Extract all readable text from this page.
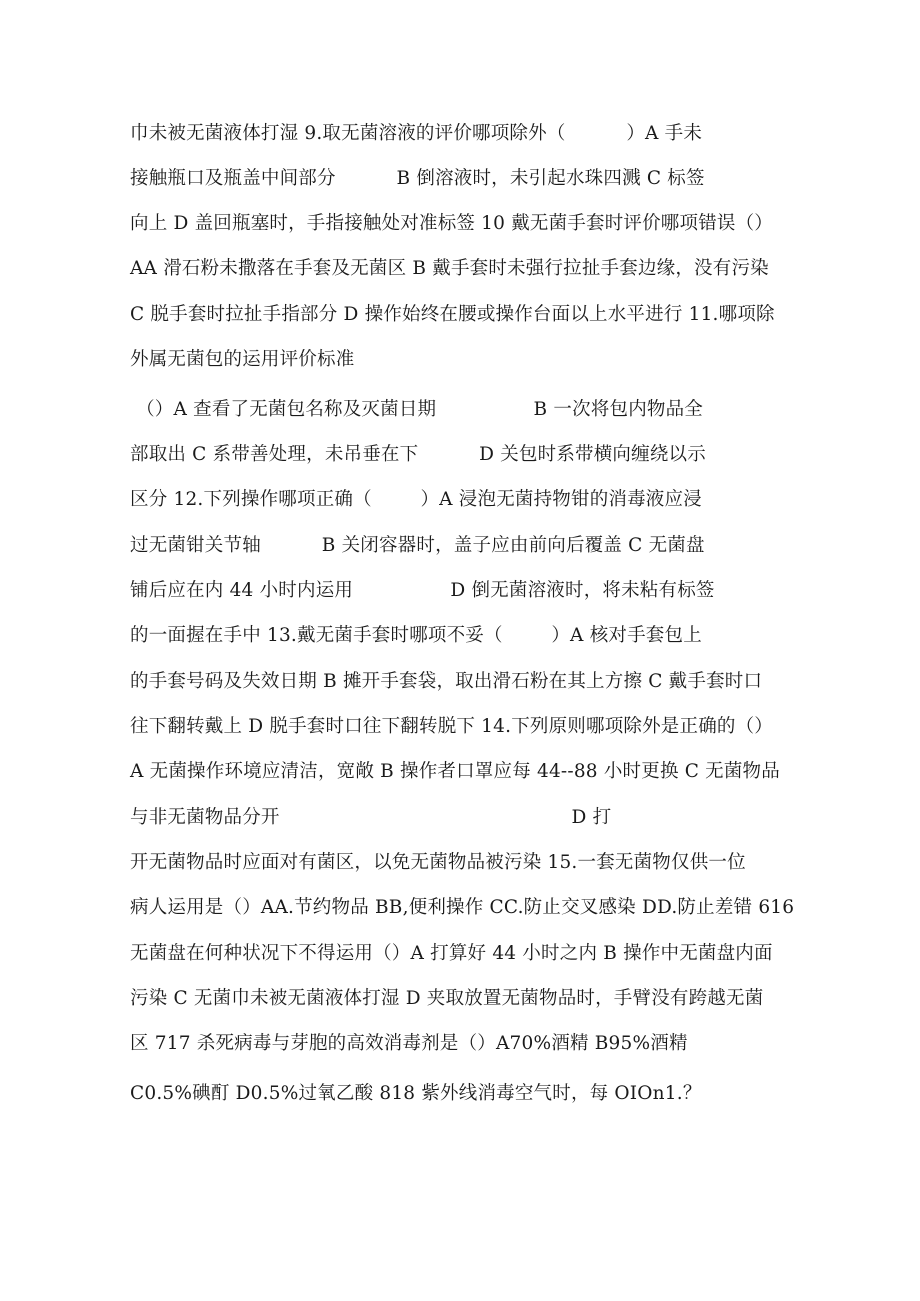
巾未被无菌液体打湿 9.取无菌溶液的评价哪项除外（          ）A 手未
接触瓶口及瓶盖中间部分          B 倒溶液时，未引起水珠四溅 C 标签
向上 D 盖回瓶塞时，手指接触处对准标签 10 戴无菌手套时评价哪项错误（）
AA 滑石粉未撒落在手套及无菌区 B 戴手套时未强行拉扯手套边缘，没有污染
C 脱手套时拉扯手指部分 D 操作始终在腰或操作台面以上水平进行 11.哪项除
外属无菌包的运用评价标准
（）A 查看了无菌包名称及灭菌日期                B 一次将包内物品全
部取出 C 系带善处理，未吊垂在下          D 关包时系带横向缠绕以示
区分 12.下列操作哪项正确（        ）A 浸泡无菌持物钳的消毒液应浸
过无菌钳关节轴          B 关闭容器时，盖子应由前向后覆盖 C 无菌盘
铺后应在内 44 小时内运用                D 倒无菌溶液时，将未粘有标签
的一面握在手中 13.戴无菌手套时哪项不妥（        ）A 核对手套包上
的手套号码及失效日期 B 摊开手套袋，取出滑石粉在其上方擦 C 戴手套时口
往下翻转戴上 D 脱手套时口往下翻转脱下 14.下列原则哪项除外是正确的（）
A 无菌操作环境应清洁，宽敞 B 操作者口罩应每 44--88 小时更换 C 无菌物品
与非无菌物品分开                                                D 打
开无菌物品时应面对有菌区，以免无菌物品被污染 15.一套无菌物仅供一位
病人运用是（）AA.节约物品 BB,便利操作 CC.防止交叉感染 DD.防止差错 616
无菌盘在何种状况下不得运用（）A 打算好 44 小时之内 B 操作中无菌盘内面
污染 C 无菌巾未被无菌液体打湿 D 夹取放置无菌物品时，手臂没有跨越无菌
区 717 杀死病毒与芽胞的高效消毒剂是（）A70%酒精 B95%酒精
C0.5%碘酊 D0.5%过氧乙酸 818 紫外线消毒空气时，每 OIOn1.？
